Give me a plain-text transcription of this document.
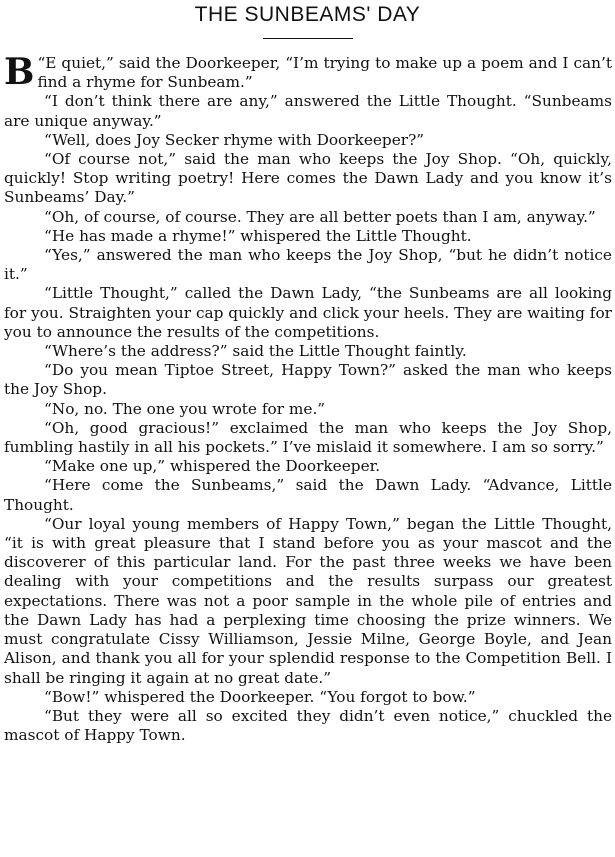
THE SUNBEAMS' DAY

“
B E quiet,” said the Doorkeeper, “I’m trying to make up a poem and I can’t find a rhyme for Sunbeam.”

“I don’t think there are any,” answered the Little Thought. “Sunbeams are unique anyway.”

“Well, does Joy Secker rhyme with Doorkeeper?”

“Of course not,” said the man who keeps the Joy Shop. “Oh, quickly, quickly! Stop writing poetry! Here comes the Dawn Lady and you know it’s Sunbeams’ Day.”

“Oh, of course, of course. They are all better poets than I am, anyway.”

“He has made a rhyme!” whispered the Little Thought.

“Yes,” answered the man who keeps the Joy Shop, “but he didn’t notice it.”

“Little Thought,” called the Dawn Lady, “the Sunbeams are all looking for you. Straighten your cap quickly and click your heels. They are waiting for you to announce the results of the competitions.

“Where’s the address?” said the Little Thought faintly.

“Do you mean Tiptoe Street, Happy Town?” asked the man who keeps the Joy Shop.

“No, no. The one you wrote for me.”

“Oh, good gracious!” exclaimed the man who keeps the Joy Shop, fumbling hastily in all his pockets.” I’ve mislaid it somewhere. I am so sorry.”

“Make one up,” whispered the Doorkeeper.

“Here come the Sunbeams,” said the Dawn Lady. “Advance, Little Thought.

“Our loyal young members of Happy Town,” began the Little Thought, “it is with great pleasure that I stand before you as your mascot and the discoverer of this particular land. For the past three weeks we have been dealing with your competitions and the results surpass our greatest expectations. There was not a poor sample in the whole pile of entries and the Dawn Lady has had a perplexing time choosing the prize winners. We must congratulate Cissy Williamson, Jessie Milne, George Boyle, and Jean Alison, and thank you all for your splendid response to the Competition Bell. I shall be ringing it again at no great date.”

“Bow!” whispered the Doorkeeper. “You forgot to bow.”

“But they were all so excited they didn’t even notice,” chuckled the mascot of Happy Town.
